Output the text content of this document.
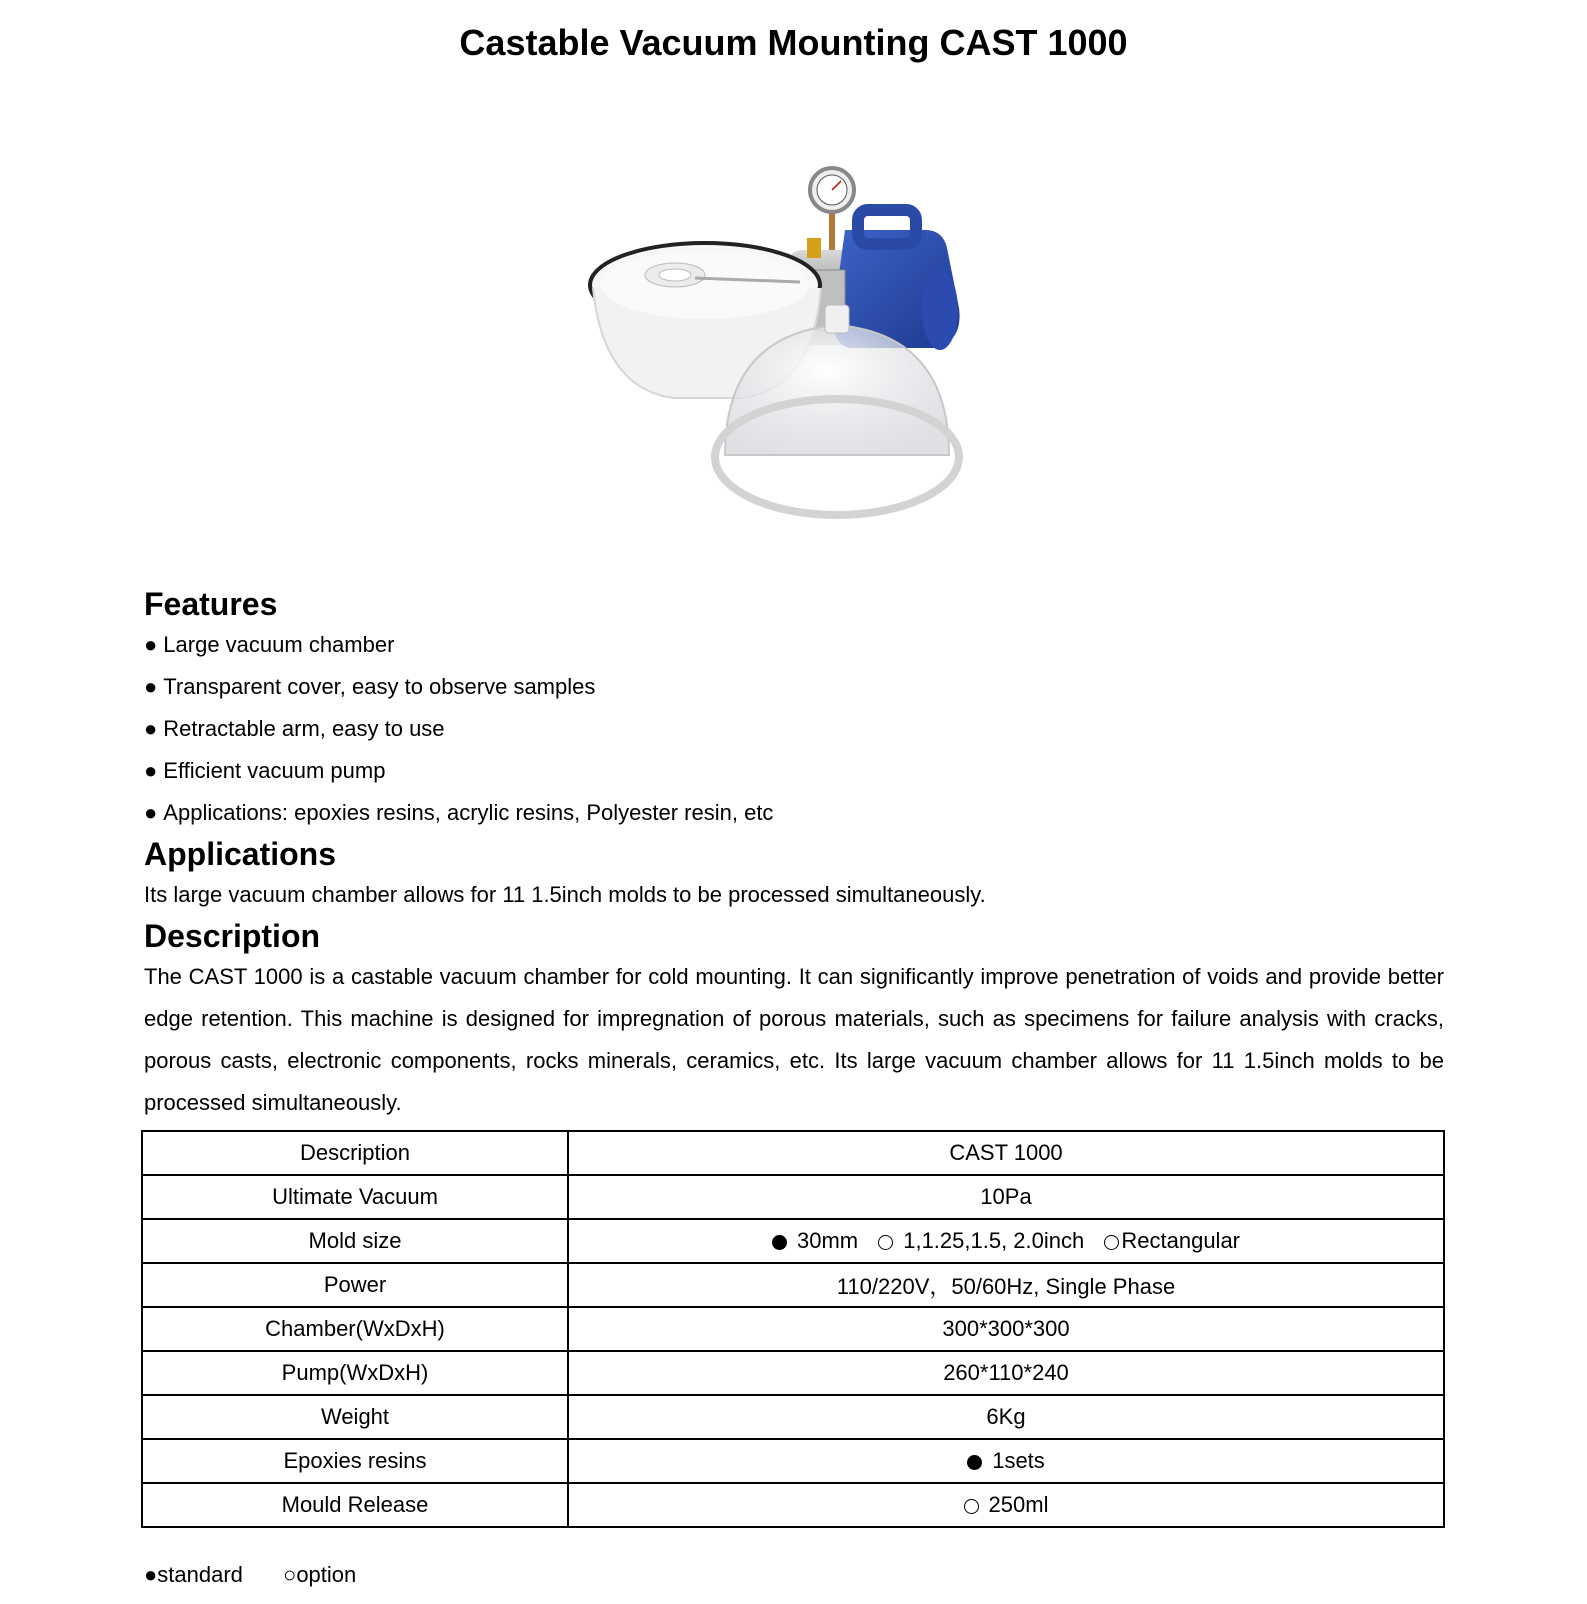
Castable Vacuum Mounting CAST 1000
Features
● Large vacuum chamber
● Transparent cover, easy to observe samples
● Retractable arm, easy to use
● Efficient vacuum pump
● Applications: epoxies resins, acrylic resins, Polyester resin, etc
Applications

Its large vacuum chamber allows for 11 1.5inch molds to be processed simultaneously.

Description

The CAST 1000 is a castable vacuum chamber for cold mounting. It can significantly improve penetration of voids and provide better edge retention. This machine is designed for impregnation of porous materials, such as specimens for failure analysis with cracks, porous casts, electronic components, rocks minerals, ceramics, etc. Its large vacuum chamber allows for 11 1.5inch molds to be processed simultaneously.

Description	CAST 1000
Ultimate Vacuum	10Pa
Mold size	30mm 1,1.25,1.5, 2.0inch Rectangular
Power	110/220V，50/60Hz, Single Phase
Chamber(WxDxH)	300*300*300
Pump(WxDxH)	260*110*240
Weight	6Kg
Epoxies resins	1sets
Mould Release	250ml
●standard ○option
